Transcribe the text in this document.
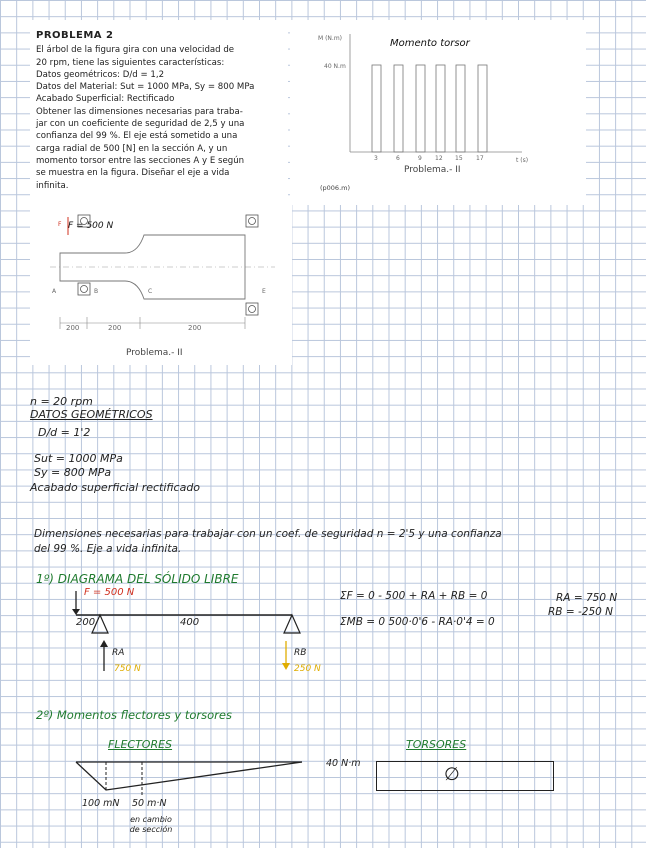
PROBLEMA 2

El árbol de la figura gira con una velocidad de

20 rpm, tiene las siguientes características:

Datos geométricos: D/d = 1,2

Datos del Material: Sut = 1000 MPa, Sy = 800 MPa

Acabado Superficial: Rectificado

Obtener las dimensiones necesarias para traba-

jar con un coeficiente de seguridad de 2,5 y una

confianza del 99 %. El eje está sometido a una

carga radial de 500 [N] en la sección A, y un

momento torsor entre las secciones A y E según

se muestra en la figura. Diseñar el eje a vida

infinita.

M (N.m)	Momento torsor
40 N.m
3	6	9 12 15 17	t (s)
Problema.- II
(p006.m)
F F = 500 N
A	B	C	E
200	200	200
Problema.- II
n = 20 rpm
DATOS GEOMÉTRICOS
D/d = 1'2
Sut = 1000 MPa
Sy = 800 MPa
Acabado superficial rectificado
Dimensiones necesarias para trabajar con un coef. de seguridad n = 2'5 y una confianza
del 99 %. Eje a vida infinita.
1º) DIAGRAMA DEL SÓLIDO LIBRE
F = 500 N
200	400
RA
750 N
RB
250 N
ΣF = 0 - 500 + RA + RB = 0
ΣMB = 0 500·0'6 - RA·0'4 = 0
RA = 750 N
RB = -250 N
2º) Momentos flectores y torsores
FLECTORES	TORSORES
100 mN 50 m·N
en cambio de sección
40 N·m
∅
